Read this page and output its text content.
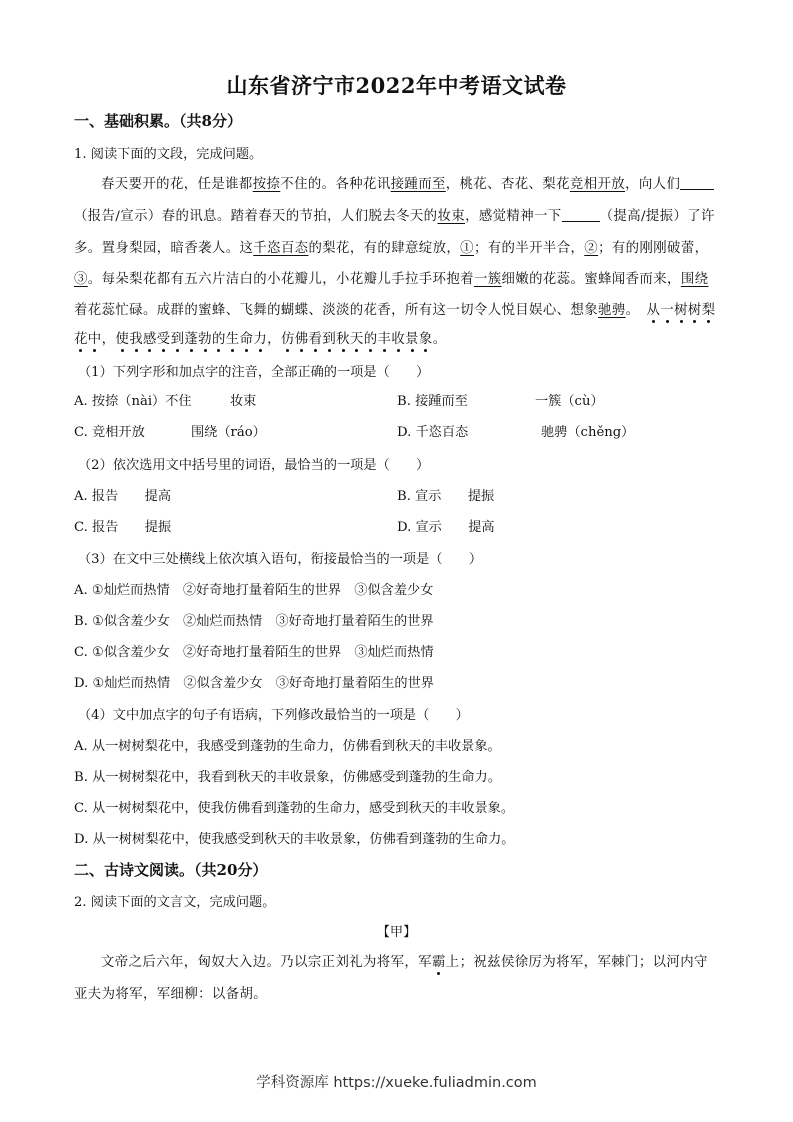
山东省济宁市2022年中考语文试卷
一、基础积累。（共8分）
1. 阅读下面的文段，完成问题。
春天要开的花，任是谁都按捺不住的。各种花讯接踵而至，桃花、杏花、梨花竞相开放，向人们
（报告/宣示）春的讯息。踏着春天的节拍，人们脱去冬天的妆束，感觉精神一下	（提高/提振）了许
多。置身梨园，暗香袭人。这千恣百态的梨花，有的肆意绽放，①；有的半开半合，②；有的刚刚破蕾，
③。每朵梨花都有五六片洁白的小花瓣儿，小花瓣儿手拉手环抱着一簇细嫩的花蕊。蜜蜂闻香而来，围绕
着花蕊忙碌。成群的蜜蜂、飞舞的蝴蝶、淡淡的花香，所有这一切令人悦目娱心、想象驰骋。　 从一树树梨
花中，使我感受到蓬勃的生命力，仿佛看到秋天的丰收景象。
（1）下列字形和加点字的注音，全部正确的一项是（　　）
A. 按捺（nài）不住	妆束	B. 接踵而至	一簇（cù）
C. 竞相开放	围绕（ráo）	D. 千恣百态	驰骋（chěng）
（2）依次选用文中括号里的词语，最恰当的一项是（　　）
A. 报告　　提高	B. 宣示　　提振
C. 报告　　提振	D. 宣示　　提高
（3）在文中三处横线上依次填入语句，衔接最恰当的一项是（　　）
A. ①灿烂而热情　②好奇地打量着陌生的世界　③似含羞少女
B. ①似含羞少女　②灿烂而热情　③好奇地打量着陌生的世界
C. ①似含羞少女　②好奇地打量着陌生的世界　③灿烂而热情
D. ①灿烂而热情　②似含羞少女　③好奇地打量着陌生的世界
（4）文中加点字的句子有语病，下列修改最恰当的一项是（　　）
A. 从一树树梨花中，我感受到蓬勃的生命力，仿佛看到秋天的丰收景象。
B. 从一树树梨花中，我看到秋天的丰收景象，仿佛感受到蓬勃的生命力。
C. 从一树树梨花中，使我仿佛看到蓬勃的生命力，感受到秋天的丰收景象。
D. 从一树树梨花中，使我感受到秋天的丰收景象，仿佛看到蓬勃的生命力。
二、古诗文阅读。（共20分）
2. 阅读下面的文言文，完成问题。
【甲】
文帝之后六年，匈奴大入边。乃以宗正刘礼为将军，军霸上；祝兹侯徐厉为将军，军棘门；以河内守
亚夫为将军，军细柳：以备胡。
学科资源库 https://xueke.fuliadmin.com
